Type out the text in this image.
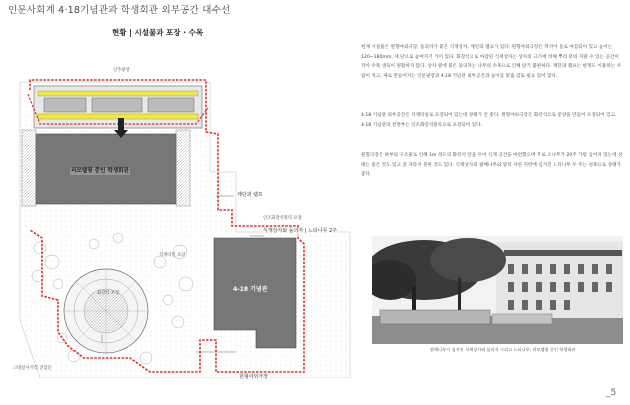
인문사회계 4·18기념관과 학생회관 외부공간 대수선
현황 | 시설물과 포장 · 수목

현재 시설물은 원형야외극장, 돌의자가 붙은 식재상자, 계단과 램프가 있다. 원형야외극장은 객석이 돌로 마감되어 있고 높이는 120~180mm, 세 단으로 놓여지기 가이 있다. 화강석으로 마감된 식재상자는 상자의 크기에 비해 뿌리 분의 자랄 수 있는 공간이 작아 수목 생육이 원활하지 않다. 상자 옆에 붙은 돌의자는 나무의 수목으로 인해 앉기 불편하다. 계단과 램프는 현재도 이용하는 사람이 적고, 새로 만들어지는 인문광장과 4·18 기념관 외부공간과 높이를 맞출 검토 필요 있어 않다.

4·18 기념관 외부공간은 석재타일로 포장되어 있는데 상태가 안 좋다. 원형야외극장은 화강석으로 문양을 만들어 포장되어 있고, 4·18 기념관의 전면부는 인조화강석블록으로 포장되어 있다.

원형극장은 하부의 구조물로 인해 1m 정도의 화강석 단을 두어 식재 공간을 마련했으며 주로 소나무가 20주 가량 심어져 있는데 상태는 좋은 것도 있고 잘 자라지 못한 것도 있다. 식재상자의 팔배나무와 달리 자연 지반에 심겨진 느티나무 두 주는 성목으로 상태가 좋다.

인주광장
리모델링 중인 학생회관
계단과 램프
인조화강석블럭 포장
식재상자와 돌의자 | 느티나무 2주
석재타일 포장
화강석 포장
4-18 기념관
고대앞사거리 진입문
원형야외극장
팔배나무가 심겨진 식재상자와 돌의자 그리고 느티나무, 리모델링 중인 학생회관
_5
